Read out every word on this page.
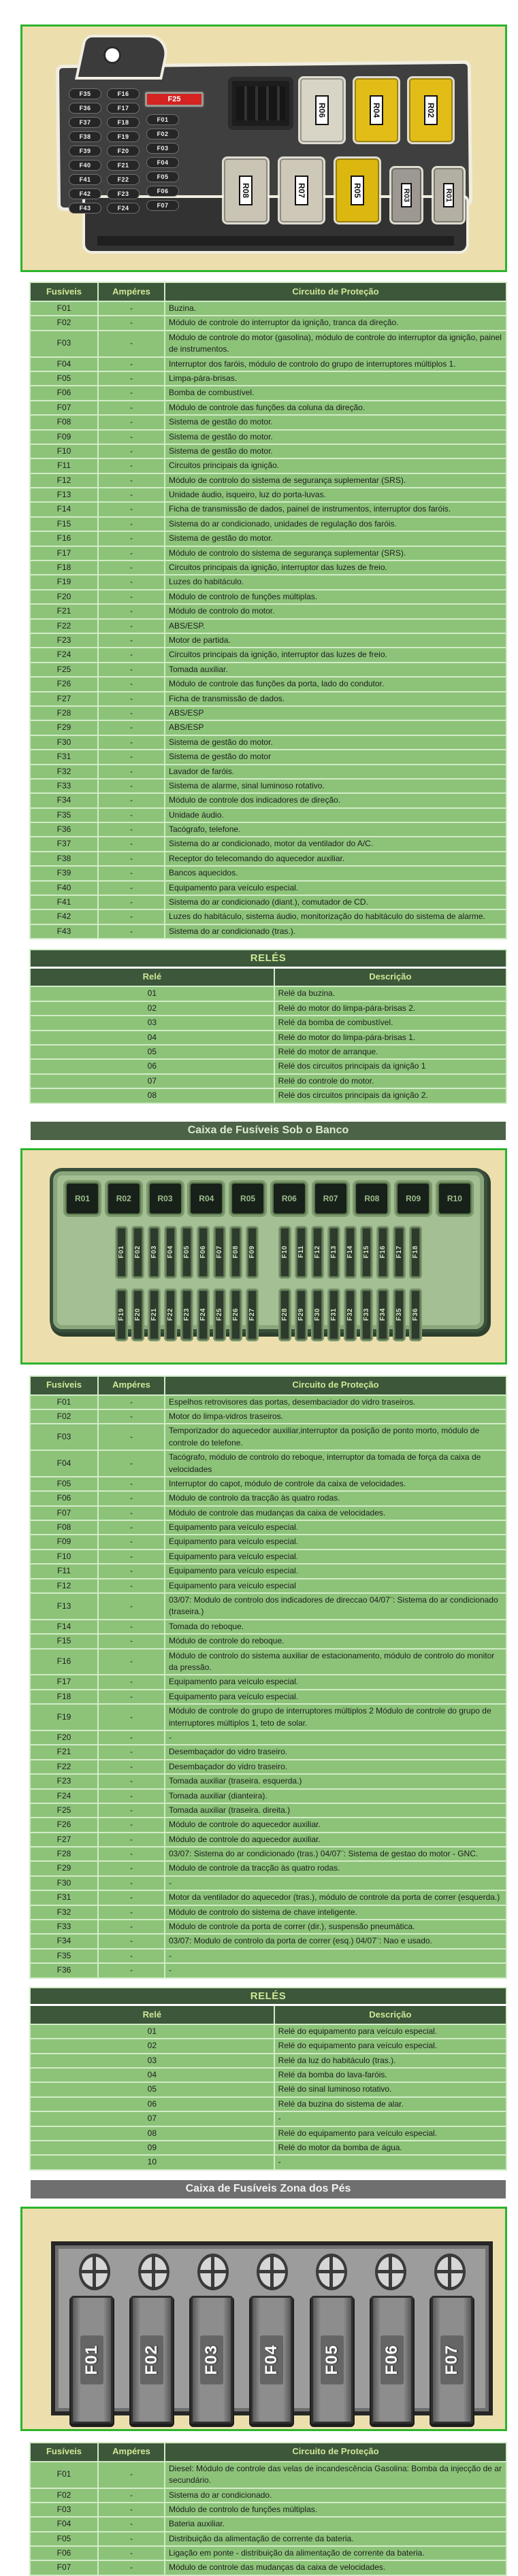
F35
F36
F37
F38
F39
F40
F41
F42
F43
F16
F17
F18
F19
F20
F21
F22
F23
F24
F25
F01
F02
F03
F04
F05
F06
F07
R06	R04	R02
R08	R07	R05	R03	R01
Fusíveis	Ampéres	Circuito de Proteção
F01	-	Buzina.
F02	-	Módulo de controle do interruptor da ignição, tranca da direção.
F03	-	Módulo de controle do motor (gasolina), módulo de controle do interruptor da ignição, painel de instrumentos.
F04	-	Interruptor dos faróis, módulo de controlo do grupo de interruptores múltiplos 1.
F05	-	Limpa-pára-brisas.
F06	-	Bomba de combustível.
F07	-	Módulo de controle das funções da coluna da direção.
F08	-	Sistema de gestão do motor.
F09	-	Sistema de gestão do motor.
F10	-	Sistema de gestão do motor.
F11	-	Circuitos principais da ignição.
F12	-	Módulo de controlo do sistema de segurança suplementar (SRS).
F13	-	Unidade áudio, isqueiro, luz do porta-luvas.
F14	-	Ficha de transmissão de dados, painel de instrumentos, interruptor dos faróis.
F15	-	Sistema do ar condicionado, unidades de regulação dos faróis.
F16	-	Sistema de gestão do motor.
F17	-	Módulo de controlo do sistema de segurança suplementar (SRS).
F18	-	Circuitos principais da ignição, interruptor das luzes de freio.
F19	-	Luzes do habitáculo.
F20	-	Módulo de controlo de funções múltiplas.
F21	-	Módulo de controlo do motor.
F22	-	ABS/ESP.
F23	-	Motor de partida.
F24	-	Circuitos principais da ignição, interruptor das luzes de freio.
F25	-	Tomada auxiliar.
F26	-	Módulo de controle das funções da porta, lado do condutor.
F27	-	Ficha de transmissão de dados.
F28	-	ABS/ESP
F29	-	ABS/ESP
F30	-	Sistema de gestão do motor.
F31	-	Sistema de gestão do motor
F32	-	Lavador de faróis.
F33	-	Sistema de alarme, sinal luminoso rotativo.
F34	-	Módulo de controle dos indicadores de direção.
F35	-	Unidade áudio.
F36	-	Tacógrafo, telefone.
F37	-	Sistema do ar condicionado, motor da ventilador do A/C.
F38	-	Receptor do telecomando do aquecedor auxiliar.
F39	-	Bancos aquecidos.
F40	-	Equipamento para veículo especial.
F41	-	Sistema do ar condicionado (diant.), comutador de CD.
F42	-	Luzes do habitáculo, sistema áudio, monitorização do habitáculo do sistema de alarme.
F43	-	Sistema do ar condicionado (tras.).
RELÉS	
Relé	Descrição
01	Relé da buzina.
02	Relé do motor do limpa-pára-brisas 2.
03	Relé da bomba de combustível.
04	Relé do motor do limpa-pára-brisas 1.
05	Relé do motor de arranque.
06	Relé dos circuitos principais da ignição 1
07	Relé do controle do motor.
08	Relé dos circuitos principais da ignição 2.
Caixa de Fusíveis Sob o Banco
R01	R02	R03	R04	R05	R06	R07	R08	R09	R10
F01 F02 F03 F04 F05 F06 F07 F08 F09	F10 F11 F12 F13 F14 F15 F16 F17 F18
F19 F20 F21 F22 F23 F24 F25 F26 F27	F28 F29 F30 F31 F32 F33 F34 F35 F36
Fusíveis	Ampéres	Circuito de Proteção
F01	-	Espelhos retrovisores das portas, desembaciador do vidro traseiros.
F02	-	Motor do limpa-vidros traseiros.
F03	-	Temporizador do aquecedor auxiliar,interruptor da posição de ponto morto, módulo de controle do telefone.
F04	-	Tacógrafo, módulo de controlo do reboque, interruptor da tomada de força da caixa de velocidades
F05	-	Interruptor do capot, módulo de controle da caixa de velocidades.
F06	-	Módulo de controlo da tracção às quatro rodas.
F07	-	Módulo de controle das mudanças da caixa de velocidades.
F08	-	Equipamento para veículo especial.
F09	-	Equipamento para veículo especial.
F10	-	Equipamento para veículo especial.
F11	-	Equipamento para veículo especial.
F12	-	Equipamento para veículo especial
F13	-	03/07: Modulo de controlo dos indicadores de direccao 04/07¨: Sistema do ar condicionado (traseira.)
F14	-	Tomada do reboque.
F15	-	Módulo de controle do reboque.
F16	-	Módulo de controlo do sistema auxiliar de estacionamento, módulo de controlo do monitor da pressão.
F17	-	Equipamento para veículo especial.
F18	-	Equipamento para veículo especial.
F19	-	Módulo de controle do grupo de interruptores múltiplos 2 Módulo de controle do grupo de interruptores múltiplos 1, teto de solar.
F20	-	-
F21	-	Desembaçador do vidro traseiro.
F22	-	Desembaçador do vidro traseiro.
F23	-	Tomada auxiliar (traseira. esquerda.)
F24	-	Tomada auxiliar (dianteira).
F25	-	Tomada auxiliar (traseira. direita.)
F26	-	Módulo de controle do aquecedor auxiliar.
F27	-	Módulo de controle do aquecedor auxiliar.
F28	-	03/07: Sistema do ar condicionado (tras.) 04/07¨: Sistema de gestao do motor - GNC.
F29	-	Módulo de controle da tracção às quatro rodas.
F30	-	-
F31	-	Motor da ventilador do aquecedor (tras.), módulo de controle da porta de correr (esquerda.)
F32	-	Módulo de controlo do sistema de chave inteligente.
F33	-	Módulo de controle da porta de correr (dir.), suspensão pneumática.
F34	-	03/07: Modulo de controlo da porta de correr (esq.) 04/07¨: Nao e usado.
F35	-	-
F36	-	-
RELÉS	
Relé	Descrição
01	Relé do equipamento para veículo especial.
02	Relé do equipamento para veículo especial.
03	Relé da luz do habitáculo (tras.).
04	Relé da bomba do lava-faróis.
05	Relé do sinal luminoso rotativo.
06	Relé da buzina do sistema de alar.
07	-
08	Relé do equipamento para veículo especial.
09	Relé do motor da bomba de água.
10	-
Caixa de Fusíveis Zona dos Pés
F01	F02	F03	F04	F05	F06	F07
Fusíveis	Ampéres	Circuito de Proteção
F01	-	Diesel: Módulo de controle das velas de incandescência Gasolina: Bomba da injecção de ar secundário.
F02	-	Sistema do ar condicionado.
F03	-	Módulo de controlo de funções múltiplas.
F04	-	Bateria auxiliar.
F05	-	Distribuição da alimentação de corrente da bateria.
F06	-	Ligação em ponte - distribuição da alimentação de corrente da bateria.
F07	-	Módulo de controle das mudanças da caixa de velocidades.
